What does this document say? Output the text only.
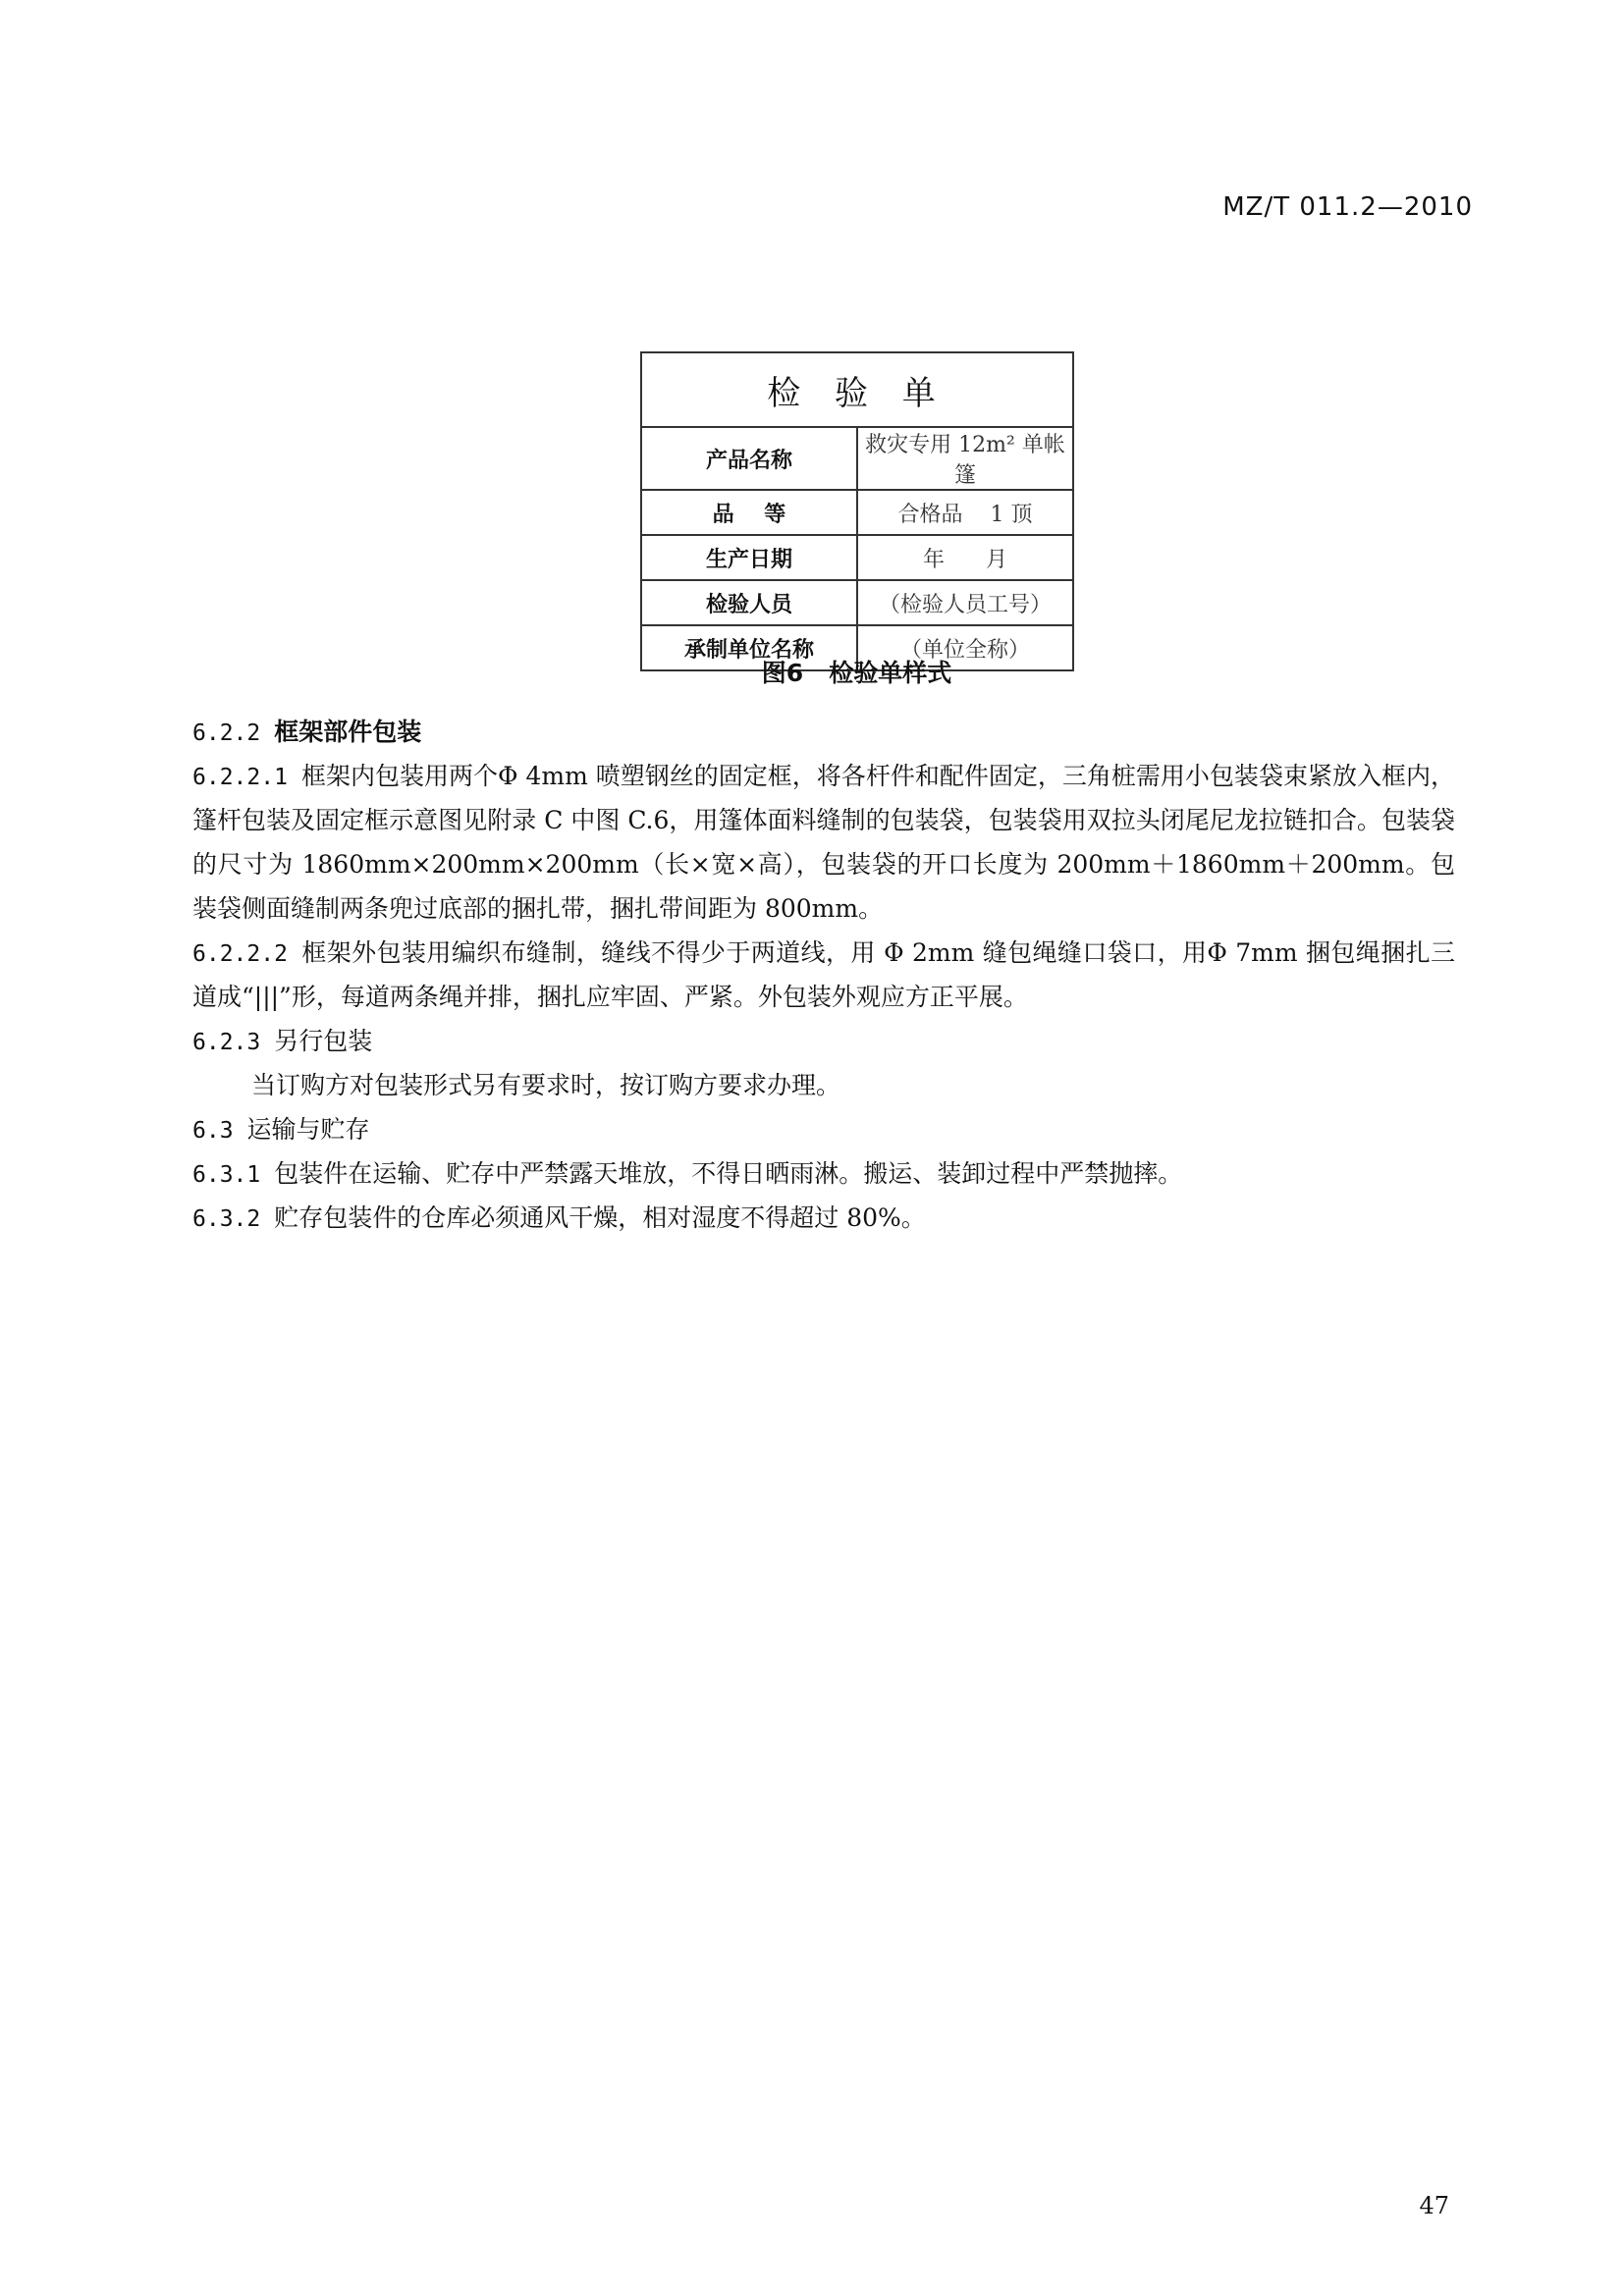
MZ/T 011.2—2010
检 验 单	
产品名称	救灾专用 12m² 单帐篷
品    等	合格品    1 顶
生产日期	年      月
检验人员	（检验人员工号）
承制单位名称	（单位全称）
图6   检验单样式

6.2.2 框架部件包装

6.2.2.1 框架内包装用两个Φ 4mm 喷塑钢丝的固定框，将各杆件和配件固定，三角桩需用小包装袋束紧放入框内，篷杆包装及固定框示意图见附录 C 中图 C.6，用篷体面料缝制的包装袋，包装袋用双拉头闭尾尼龙拉链扣合。包装袋的尺寸为 1860mm×200mm×200mm（长×宽×高），包装袋的开口长度为 200mm＋1860mm＋200mm。包装袋侧面缝制两条兜过底部的捆扎带，捆扎带间距为 800mm。

6.2.2.2 框架外包装用编织布缝制，缝线不得少于两道线，用 Φ 2mm 缝包绳缝口袋口，用Φ 7mm 捆包绳捆扎三道成“|||”形，每道两条绳并排，捆扎应牢固、严紧。外包装外观应方正平展。

6.2.3 另行包装

当订购方对包装形式另有要求时，按订购方要求办理。

6.3 运输与贮存

6.3.1 包装件在运输、贮存中严禁露天堆放，不得日晒雨淋。搬运、装卸过程中严禁抛摔。

6.3.2 贮存包装件的仓库必须通风干燥，相对湿度不得超过 80%。

47
